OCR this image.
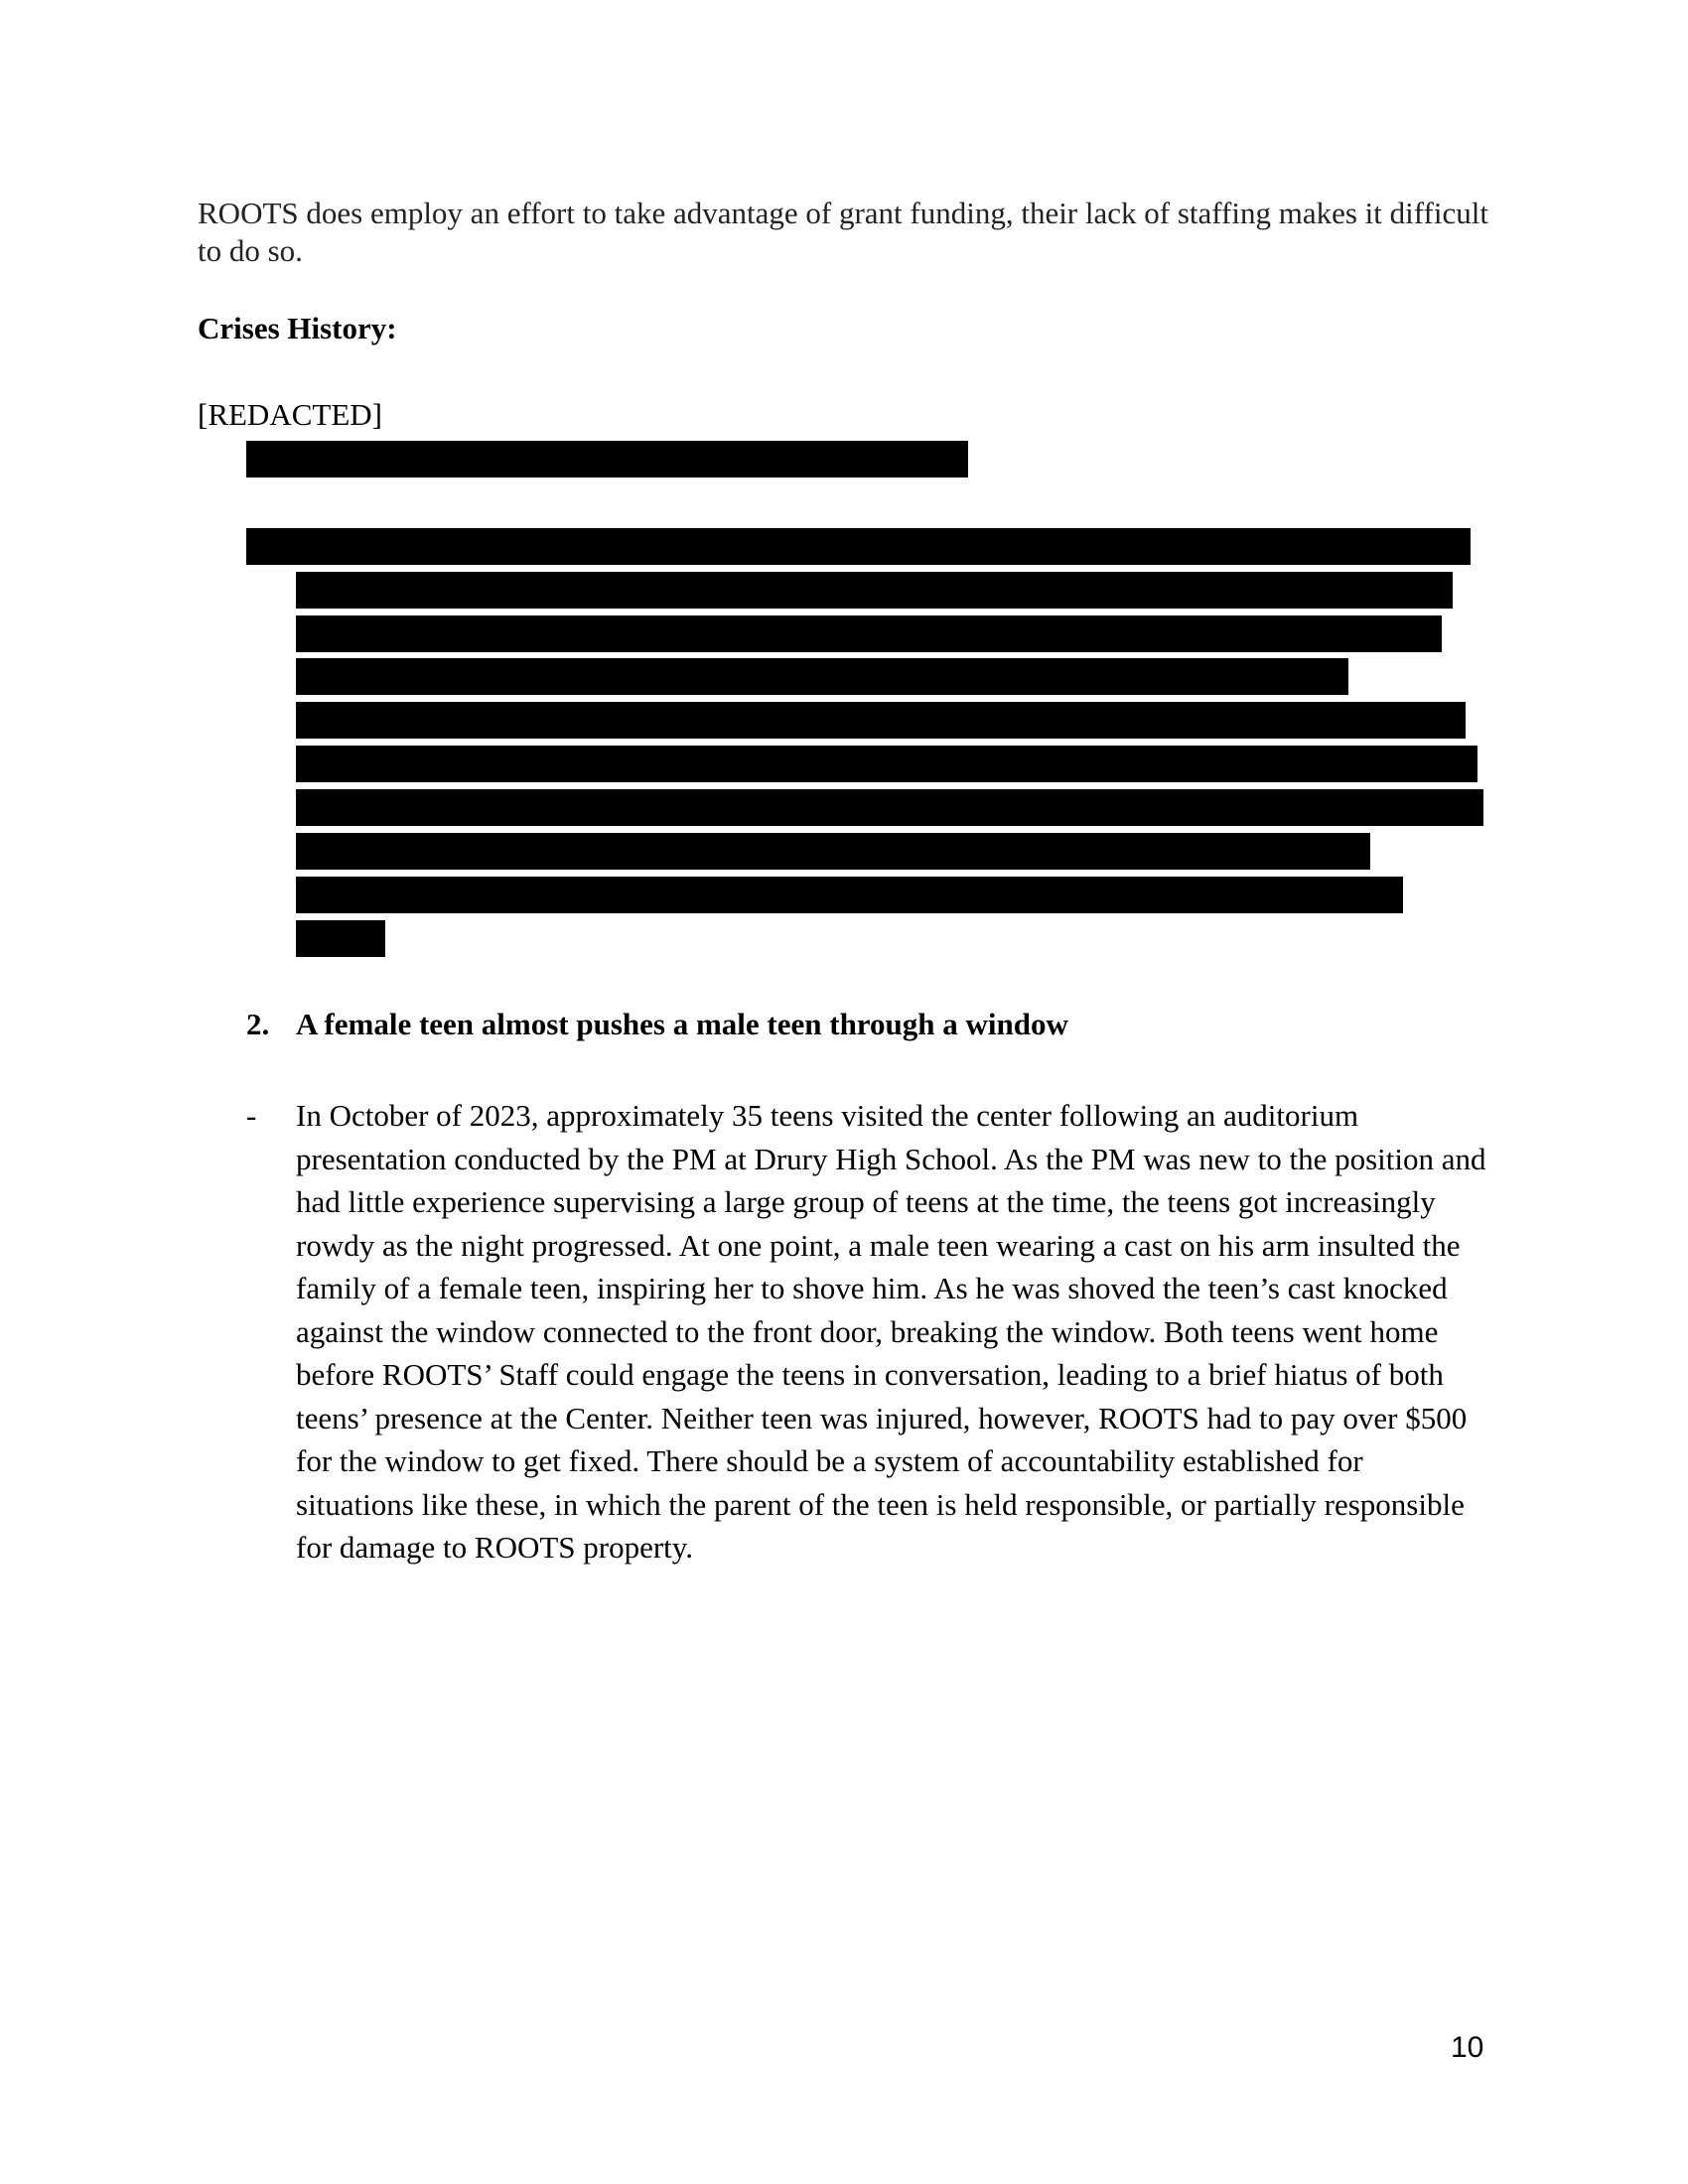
ROOTS does employ an effort to take advantage of grant funding, their lack of staffing makes it difficult to do so.

Crises History:

[REDACTED]

2. A female teen almost pushes a male teen through a window
-	In October of 2023, approximately 35 teens visited the center following an auditorium presentation conducted by the PM at Drury High School. As the PM was new to the position and had little experience supervising a large group of teens at the time, the teens got increasingly rowdy as the night progressed. At one point, a male teen wearing a cast on his arm insulted the family of a female teen, inspiring her to shove him. As he was shoved the teen’s cast knocked against the window connected to the front door, breaking the window. Both teens went home before ROOTS’ Staff could engage the teens in conversation, leading to a brief hiatus of both teens’ presence at the Center. Neither teen was injured, however, ROOTS had to pay over $500 for the window to get fixed. There should be a system of accountability established for situations like these, in which the parent of the teen is held responsible, or partially responsible for damage to ROOTS property.

10
